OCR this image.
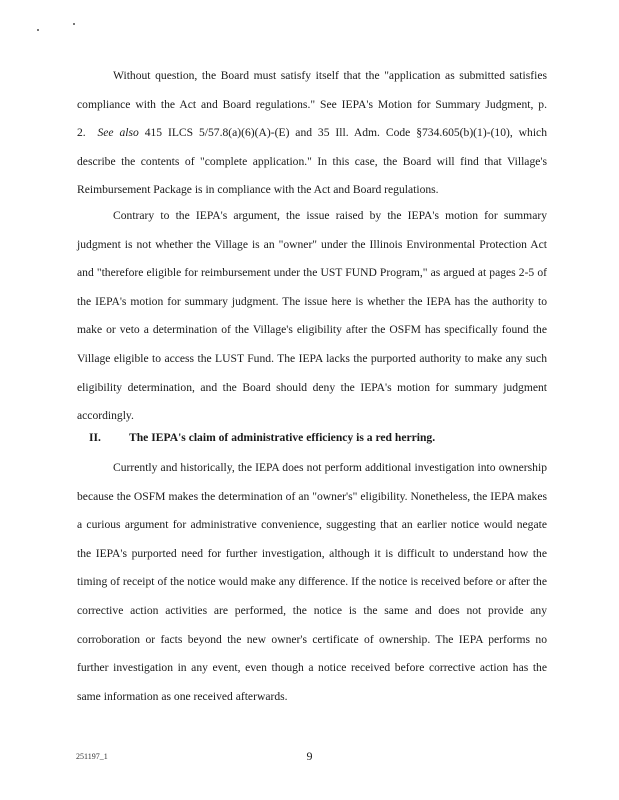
Without question, the Board must satisfy itself that the "application as submitted satisfies compliance with the Act and Board regulations." See IEPA's Motion for Summary Judgment, p. 2. See also 415 ILCS 5/57.8(a)(6)(A)-(E) and 35 Ill. Adm. Code §734.605(b)(1)-(10), which describe the contents of "complete application." In this case, the Board will find that Village's Reimbursement Package is in compliance with the Act and Board regulations.

Contrary to the IEPA's argument, the issue raised by the IEPA's motion for summary judgment is not whether the Village is an "owner" under the Illinois Environmental Protection Act and "therefore eligible for reimbursement under the UST FUND Program," as argued at pages 2-5 of the IEPA's motion for summary judgment. The issue here is whether the IEPA has the authority to make or veto a determination of the Village's eligibility after the OSFM has specifically found the Village eligible to access the LUST Fund. The IEPA lacks the purported authority to make any such eligibility determination, and the Board should deny the IEPA's motion for summary judgment accordingly.

II. The IEPA's claim of administrative efficiency is a red herring.

Currently and historically, the IEPA does not perform additional investigation into ownership because the OSFM makes the determination of an "owner's" eligibility. Nonetheless, the IEPA makes a curious argument for administrative convenience, suggesting that an earlier notice would negate the IEPA's purported need for further investigation, although it is difficult to understand how the timing of receipt of the notice would make any difference. If the notice is received before or after the corrective action activities are performed, the notice is the same and does not provide any corroboration or facts beyond the new owner's certificate of ownership. The IEPA performs no further investigation in any event, even though a notice received before corrective action has the same information as one received afterwards.

251197_1	9
